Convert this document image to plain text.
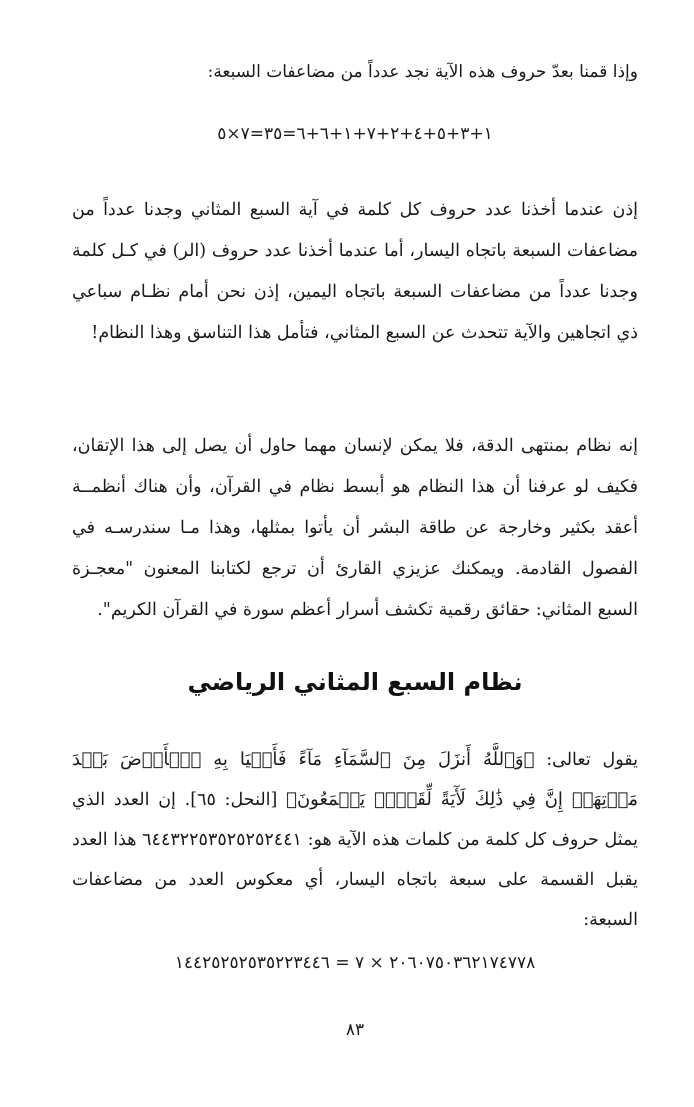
وإذا قمنا بعدّ حروف هذه الآية نجد عدداً من مضاعفات السبعة:
١+٣+٥+٤+٢+٧+١+٦+٦=٣٥=٧×٥

إذن عندما أخذنا عدد حروف كل كلمة في آية السبع المثاني وجدنا عدداً من مضاعفات السبعة باتجاه اليسار، أما عندما أخذنا عدد حروف (الر) في كـل كلمة وجدنا عدداً من مضاعفات السبعة باتجاه اليمين، إذن نحن أمام نظـام سباعي ذي اتجاهين والآية تتحدث عن السبع المثاني، فتأمل هذا التناسق وهذا النظام!

إنه نظام بمنتهى الدقة، فلا يمكن لإنسان مهما حاول أن يصل إلى هذا الإتقان، فكيف لو عرفنا أن هذا النظام هو أبسط نظام في القرآن، وأن هناك أنظمــة أعقد بكثير وخارجة عن طاقة البشر أن يأتوا بمثلها، وهذا مـا سندرسـه في الفصول القادمة. ويمكنك عزيزي القارئ أن ترجع لكتابنا المعنون "معجـزة السبع المثاني: حقائق رقمية تكشف أسرار أعظم سورة في القرآن الكريم".

نظام السبع المثاني الرياضي

يقول تعالى: ﴿وَٱللَّهُ أَنزَلَ مِنَ ٱلسَّمَآءِ مَآءً فَأَحۡيَا بِهِ ٱلۡأَرۡضَ بَعۡدَ مَوۡتِهَآۚ إِنَّ فِي ذَٰلِكَ لَأٓيَةً لِّقَوۡمٖ يَسۡمَعُونَ﴾ [النحل: ٦٥]. إن العدد الذي يمثل حروف كل كلمة من كلمات هذه الآية هو: ٦٤٤٣٢٢٥٣٥٢٥٢٥٢٤٤١ هذا العدد يقبل القسمة على سبعة باتجاه اليسار، أي معكوس العدد من مضاعفات السبعة:

٢٠٦٠٧٥٠٣٦٢١٧٤٧٧٨ × ٧ = ١٤٤٢٥٢٥٢٥٣٥٢٢٣٤٤٦
٨٣
